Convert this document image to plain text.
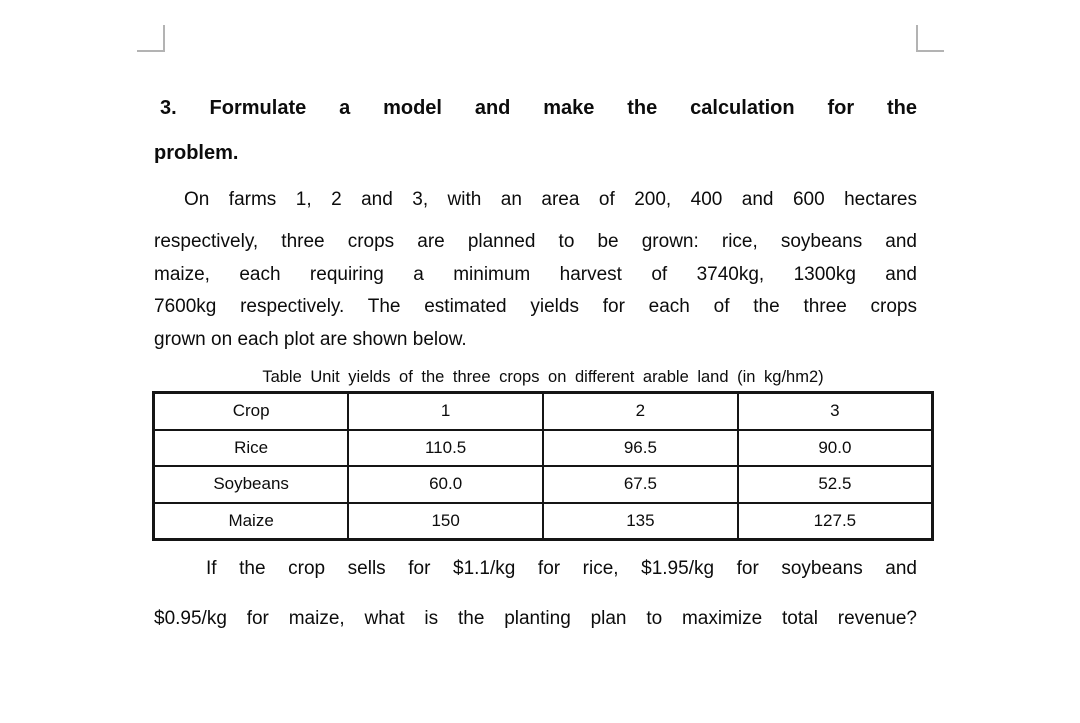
3. Formulate a model and make the calculation for the
problem.
On farms 1, 2 and 3, with an area of 200, 400 and 600 hectares
respectively, three crops are planned to be grown: rice, soybeans and
maize, each requiring a minimum harvest of 3740kg, 1300kg and
7600kg respectively. The estimated yields for each of the three crops
grown on each plot are shown below.
Table Unit yields of the three crops on different arable land (in kg/hm2)
Crop	1	2	3
Rice	110.5	96.5	90.0
Soybeans	60.0	67.5	52.5
Maize	150	135	127.5
If the crop sells for $1.1/kg for rice, $1.95/kg for soybeans and
$0.95/kg for maize, what is the planting plan to maximize total revenue?
